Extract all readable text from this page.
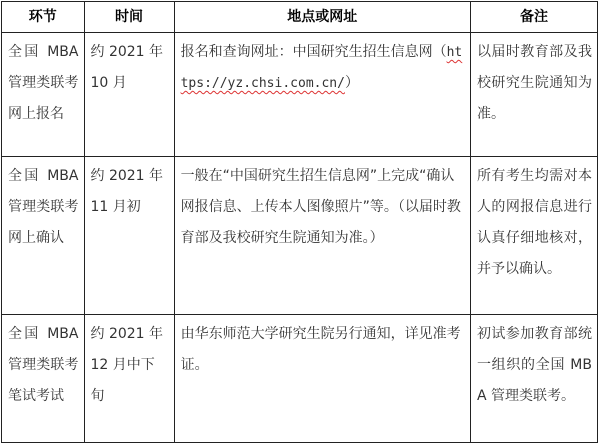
环节	时间	地点或网址	备注
全国 MBA 管理类联考网上报名	约 2021 年 10 月	报名和查询网址：中国研究生招生信息网（https://yz.chsi.com.cn/）	以届时教育部及我校研究生院通知为准。
全国 MBA 管理类联考网上确认	约 2021 年 11 月初	一般在“中国研究生招生信息网”上完成“确认网报信息、上传本人图像照片”等。（以届时教育部及我校研究生院通知为准。）	所有考生均需对本人的网报信息进行认真仔细地核对，并予以确认。
全国 MBA 管理类联考笔试考试	约 2021 年 12 月中下旬	由华东师范大学研究生院另行通知，详见准考证。	初试参加教育部统一组织的全国 MBA 管理类联考。
